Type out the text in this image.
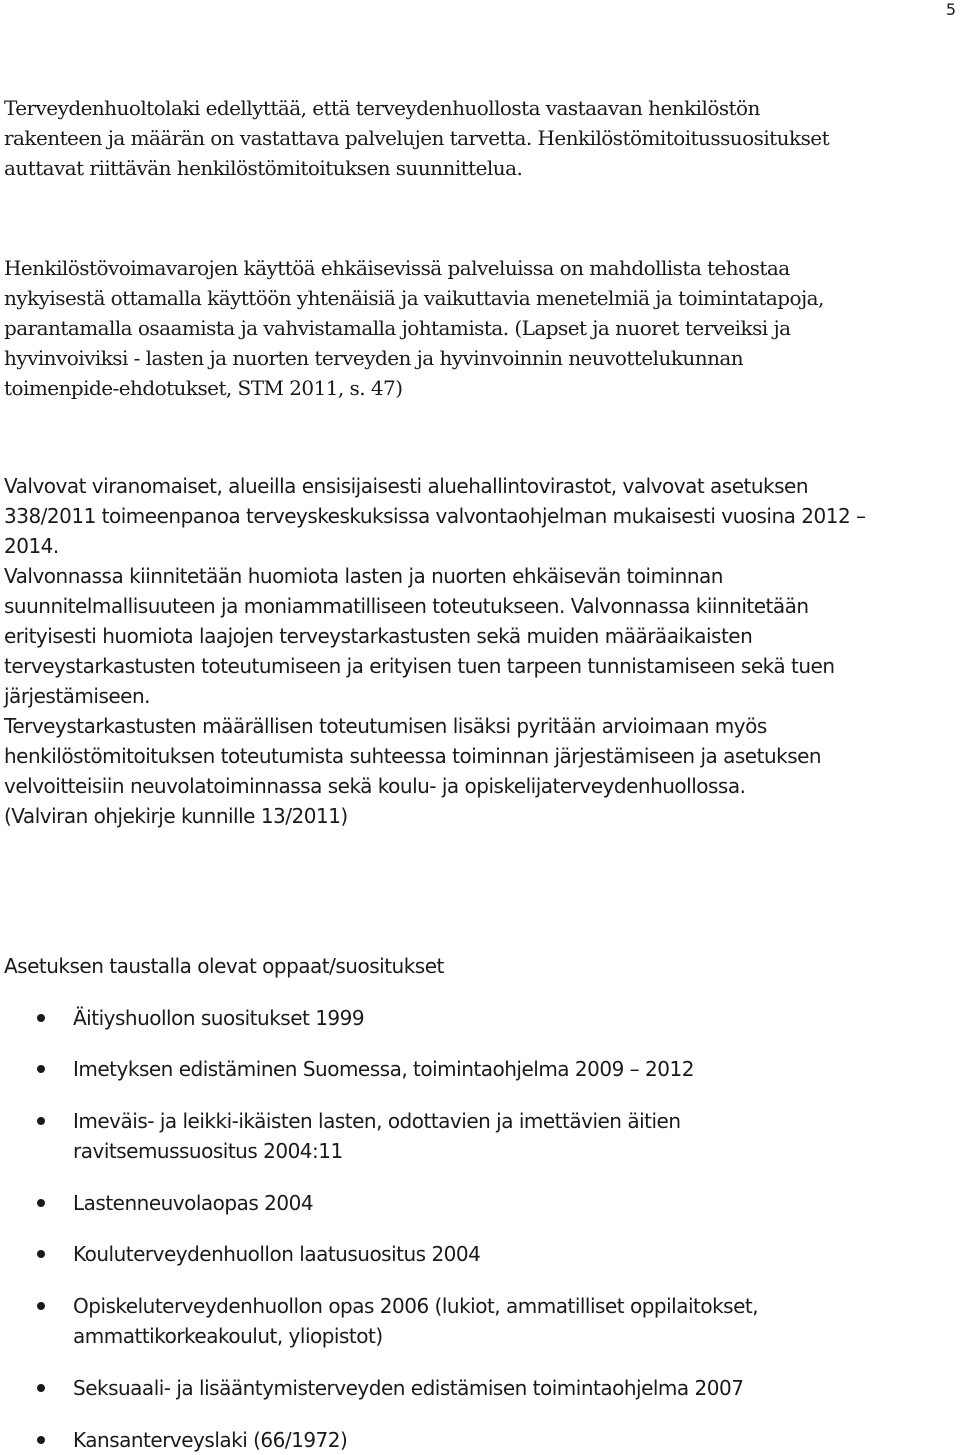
5

Terveydenhuoltolaki edellyttää, että terveydenhuollosta vastaavan henkilöstön
rakenteen ja määrän on vastattava palvelujen tarvetta. Henkilöstömitoitussuositukset
auttavat riittävän henkilöstömitoituksen suunnittelua.

Henkilöstövoimavarojen käyttöä ehkäisevissä palveluissa on mahdollista tehostaa
nykyisestä ottamalla käyttöön yhtenäisiä ja vaikuttavia menetelmiä ja toimintatapoja,
parantamalla osaamista ja vahvistamalla johtamista. (Lapset ja nuoret terveiksi ja
hyvinvoiviksi - lasten ja nuorten terveyden ja hyvinvoinnin neuvottelukunnan
toimenpide-ehdotukset, STM 2011, s. 47)

Valvovat viranomaiset, alueilla ensisijaisesti aluehallintovirastot, valvovat asetuksen
338/2011 toimeenpanoa terveyskeskuksissa valvontaohjelman mukaisesti vuosina 2012 –
2014.
Valvonnassa kiinnitetään huomiota lasten ja nuorten ehkäisevän toiminnan
suunnitelmallisuuteen ja moniammatilliseen toteutukseen. Valvonnassa kiinnitetään
erityisesti huomiota laajojen terveystarkastusten sekä muiden määräaikaisten
terveystarkastusten toteutumiseen ja erityisen tuen tarpeen tunnistamiseen sekä tuen
järjestämiseen.
Terveystarkastusten määrällisen toteutumisen lisäksi pyritään arvioimaan myös
henkilöstömitoituksen toteutumista suhteessa toiminnan järjestämiseen ja asetuksen
velvoitteisiin neuvolatoiminnassa sekä koulu- ja opiskelijaterveydenhuollossa.
(Valviran ohjekirje kunnille 13/2011)

Asetuksen taustalla olevat oppaat/suositukset

Äitiyshuollon suositukset 1999
Imetyksen edistäminen Suomessa, toimintaohjelma 2009 – 2012
Imeväis- ja leikki-ikäisten lasten, odottavien ja imettävien äitien
ravitsemussuositus 2004:11
Lastenneuvolaopas 2004
Kouluterveydenhuollon laatusuositus 2004
Opiskeluterveydenhuollon opas 2006 (lukiot, ammatilliset oppilaitokset,
ammattikorkeakoulut, yliopistot)
Seksuaali- ja lisääntymisterveyden edistämisen toimintaohjelma 2007
Kansanterveyslaki (66/1972)
